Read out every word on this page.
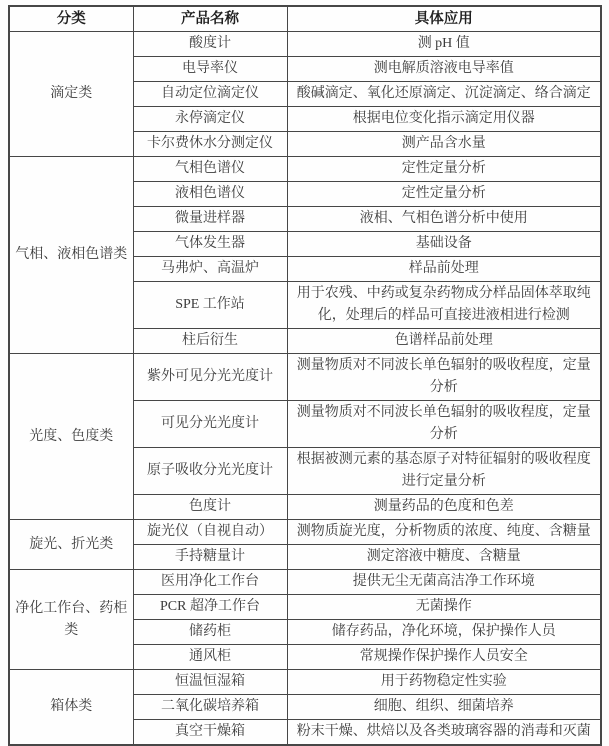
分类	产品名称	具体应用
滴定类	酸度计	测 pH 值
	电导率仪	测电解质溶液电导率值
	自动定位滴定仪	酸碱滴定、氧化还原滴定、沉淀滴定、络合滴定
	永停滴定仪	根据电位变化指示滴定用仪器
	卡尔费休水分测定仪	测产品含水量
气相、液相色谱类	气相色谱仪	定性定量分析
	液相色谱仪	定性定量分析
	微量进样器	液相、气相色谱分析中使用
	气体发生器	基础设备
	马弗炉、高温炉	样品前处理
	SPE 工作站	用于农残、中药或复杂药物成分样品固体萃取纯化，处理后的样品可直接进液相进行检测
	柱后衍生	色谱样品前处理
光度、色度类	紫外可见分光光度计	测量物质对不同波长单色辐射的吸收程度，定量分析
	可见分光光度计	测量物质对不同波长单色辐射的吸收程度，定量分析
	原子吸收分光光度计	根据被测元素的基态原子对特征辐射的吸收程度进行定量分析
	色度计	测量药品的色度和色差
旋光、折光类	旋光仪（自视自动）	测物质旋光度，分析物质的浓度、纯度、含糖量
	手持糖量计	测定溶液中糖度、含糖量
净化工作台、药柜类	医用净化工作台	提供无尘无菌高洁净工作环境
	PCR 超净工作台	无菌操作
	储药柜	储存药品，净化环境，保护操作人员
	通风柜	常规操作保护操作人员安全
箱体类	恒温恒湿箱	用于药物稳定性实验
	二氧化碳培养箱	细胞、组织、细菌培养
	真空干燥箱	粉末干燥、烘焙以及各类玻璃容器的消毒和灭菌
